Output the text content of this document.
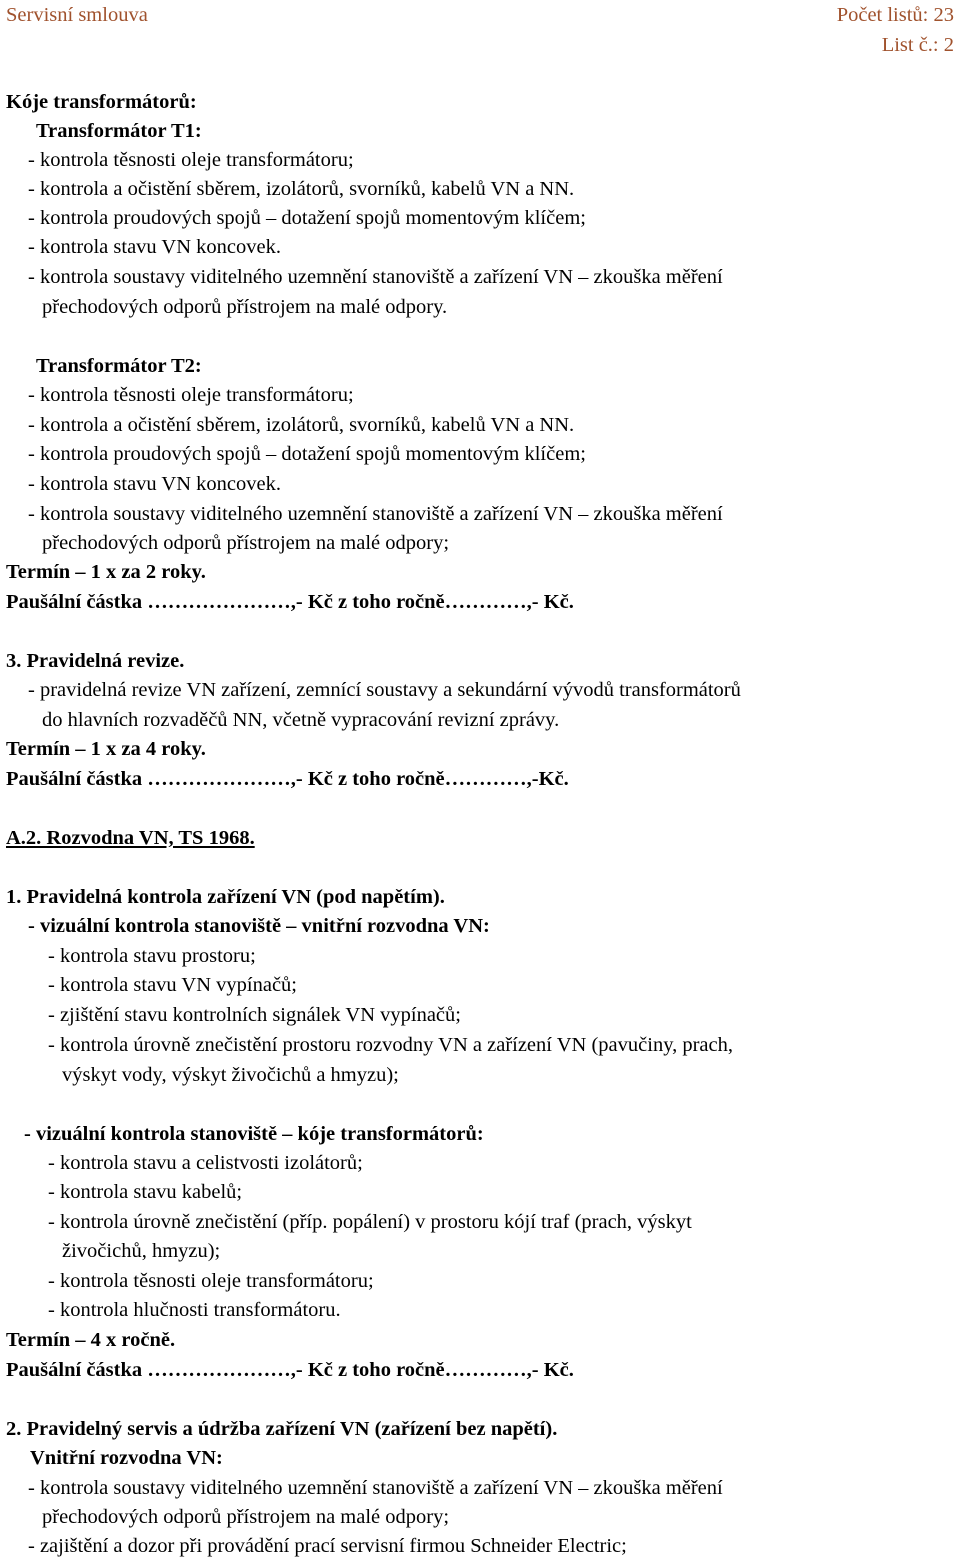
Servisní smlouva	Počet listů: 23
List č.: 2
Kóje transformátorů:
Transformátor T1:
- kontrola těsnosti oleje transformátoru;
- kontrola a očistění sběrem, izolátorů, svorníků, kabelů VN a NN.
- kontrola proudových spojů – dotažení spojů momentovým klíčem;
- kontrola stavu VN koncovek.
- kontrola soustavy viditelného uzemnění stanoviště a zařízení VN – zkouška měření
přechodových odporů přístrojem na malé odpory.
Transformátor T2:
- kontrola těsnosti oleje transformátoru;
- kontrola a očistění sběrem, izolátorů, svorníků, kabelů VN a NN.
- kontrola proudových spojů – dotažení spojů momentovým klíčem;
- kontrola stavu VN koncovek.
- kontrola soustavy viditelného uzemnění stanoviště a zařízení VN – zkouška měření
přechodových odporů přístrojem na malé odpory;
Termín – 1 x za 2 roky.
Paušální částka …………………,- Kč z toho ročně…………,- Kč.
3. Pravidelná revize.
- pravidelná revize VN zařízení, zemnící soustavy a sekundární vývodů transformátorů
do hlavních rozvaděčů NN, včetně vypracování revizní zprávy.
Termín – 1 x za 4 roky.
Paušální částka …………………,- Kč z toho ročně…………,-Kč.
A.2. Rozvodna VN, TS 1968.
1. Pravidelná kontrola zařízení VN (pod napětím).
- vizuální kontrola stanoviště – vnitřní rozvodna VN:
- kontrola stavu prostoru;
- kontrola stavu VN vypínačů;
- zjištění stavu kontrolních signálek VN vypínačů;
- kontrola úrovně znečistění prostoru rozvodny VN a zařízení VN (pavučiny, prach,
výskyt vody, výskyt živočichů a hmyzu);
- vizuální kontrola stanoviště – kóje transformátorů:
- kontrola stavu a celistvosti izolátorů;
- kontrola stavu kabelů;
- kontrola úrovně znečistění (příp. popálení) v prostoru kójí traf (prach, výskyt
živočichů, hmyzu);
- kontrola těsnosti oleje transformátoru;
- kontrola hlučnosti transformátoru.
Termín – 4 x ročně.
Paušální částka …………………,- Kč z toho ročně…………,- Kč.
2. Pravidelný servis a údržba zařízení VN (zařízení bez napětí).
Vnitřní rozvodna VN:
- kontrola soustavy viditelného uzemnění stanoviště a zařízení VN – zkouška měření
přechodových odporů přístrojem na malé odpory;
- zajištění a dozor při provádění prací servisní firmou Schneider Electric;
